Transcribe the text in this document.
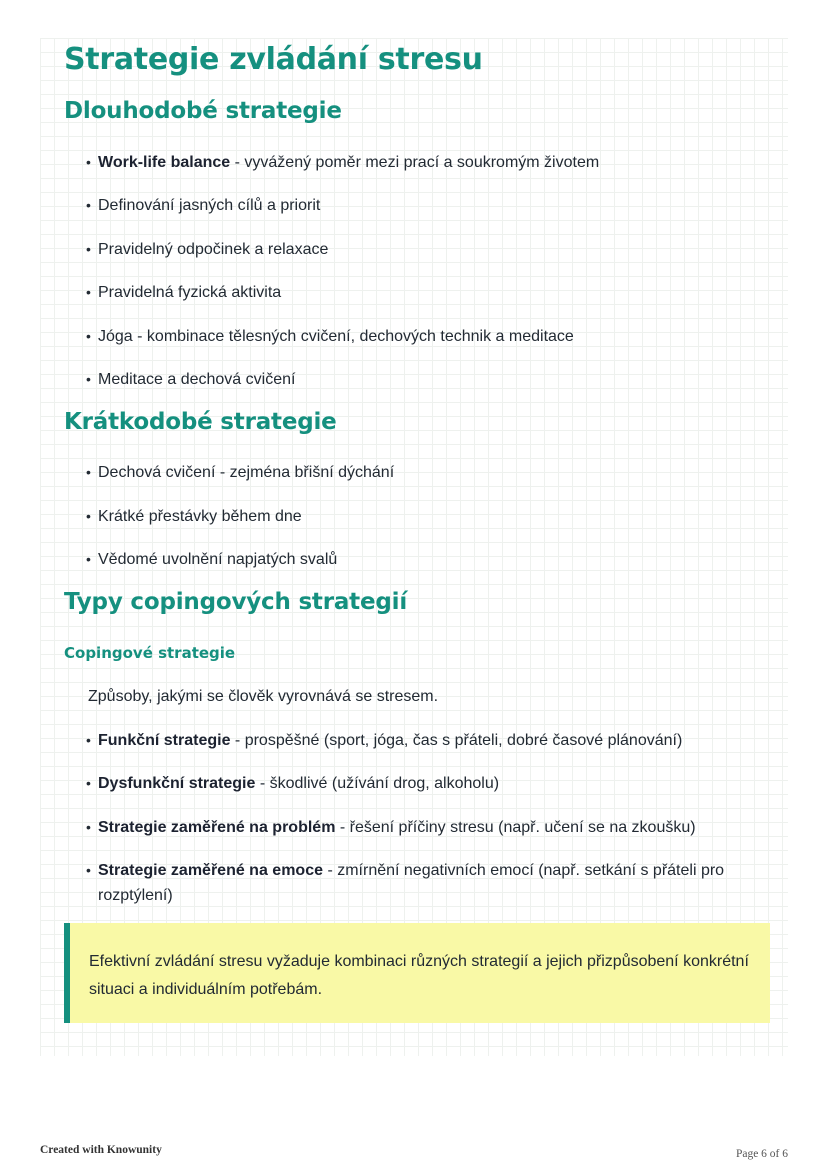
Strategie zvládání stresu
Dlouhodobé strategie
• Work-life balance - vyvážený poměr mezi prací a soukromým životem
• Definování jasných cílů a priorit
• Pravidelný odpočinek a relaxace
• Pravidelná fyzická aktivita
• Jóga - kombinace tělesných cvičení, dechových technik a meditace
• Meditace a dechová cvičení
Krátkodobé strategie
• Dechová cvičení - zejména břišní dýchání
• Krátké přestávky během dne
• Vědomé uvolnění napjatých svalů
Typy copingových strategií
Copingové strategie
Způsoby, jakými se člověk vyrovnává se stresem.
• Funkční strategie - prospěšné (sport, jóga, čas s přáteli, dobré časové plánování)
• Dysfunkční strategie - škodlivé (užívání drog, alkoholu)
• Strategie zaměřené na problém - řešení příčiny stresu (např. učení se na zkoušku)
• Strategie zaměřené na emoce - zmírnění negativních emocí (např. setkání s přáteli pro rozptýlení)
Efektivní zvládání stresu vyžaduje kombinaci různých strategií a jejich přizpůsobení konkrétní situaci a individuálním potřebám.
Created with Knowunity	Page 6 of 6
